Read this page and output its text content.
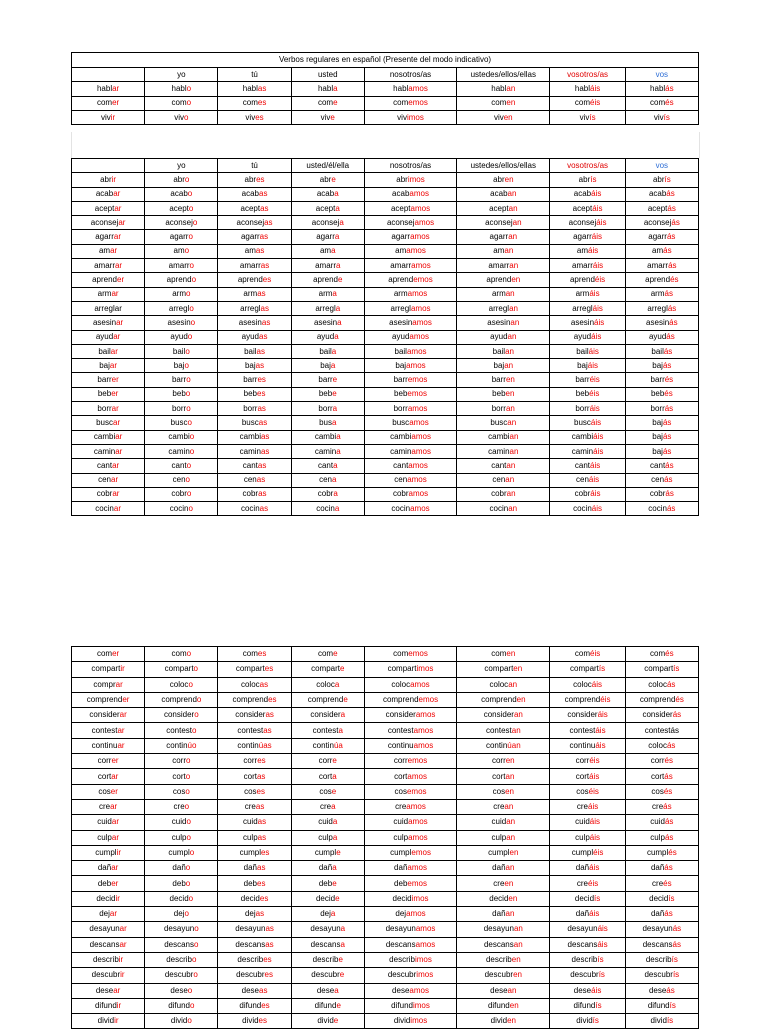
Verbos regulares en español (Presente del modo indicativo)							
	yo	tú	usted	nosotros/as	ustedes/ellos/ellas	vosotros/as	vos
hablar	hablo	hablas	habla	hablamos	hablan	habláis	hablás
comer	como	comes	come	comemos	comen	coméis	comés
vivir	vivo	vives	vive	vivimos	viven	vivís	vivís
	yo	tú	usted/él/ella	nosotros/as	ustedes/ellos/ellas	vosotros/as	vos
abrir	abro	abres	abre	abrimos	abren	abrís	abrís
acabar	acabo	acabas	acaba	acabamos	acaban	acabáis	acabás
aceptar	acepto	aceptas	acepta	aceptamos	aceptan	aceptáis	aceptás
aconsejar	aconsejo	aconsejas	aconseja	aconsejamos	aconsejan	aconsejáis	aconsejás
agarrar	agarro	agarras	agarra	agarramos	agarran	agarráis	agarrás
amar	amo	amas	ama	amamos	aman	amáis	amás
amarrar	amarro	amarras	amarra	amarramos	amarran	amarráis	amarrás
aprender	aprendo	aprendes	aprende	aprendemos	aprenden	aprendéis	aprendés
armar	armo	armas	arma	armamos	arman	armáis	armás
arreglar	arreglo	arreglas	arregla	arreglamos	arreglan	arregláis	arreglás
asesinar	asesino	asesinas	asesina	asesinamos	asesinan	asesináis	asesinás
ayudar	ayudo	ayudas	ayuda	ayudamos	ayudan	ayudáis	ayudás
bailar	bailo	bailas	baila	bailamos	bailan	bailáis	bailás
bajar	bajo	bajas	baja	bajamos	bajan	bajáis	bajás
barrer	barro	barres	barre	barremos	barren	barréis	barrés
beber	bebo	bebes	bebe	bebemos	beben	bebéis	bebés
borrar	borro	borras	borra	borramos	borran	borráis	borrás
buscar	busco	buscas	busa	buscamos	buscan	buscáis	bajás
cambiar	cambio	cambias	cambia	cambiamos	cambian	cambiáis	bajás
caminar	camino	caminas	camina	caminamos	caminan	camináis	bajás
cantar	canto	cantas	canta	cantamos	cantan	cantáis	cantás
cenar	ceno	cenas	cena	cenamos	cenan	cenáis	cenás
cobrar	cobro	cobras	cobra	cobramos	cobran	cobráis	cobrás
cocinar	cocino	cocinas	cocina	cocinamos	cocinan	cocináis	cocinás
comer	como	comes	come	comemos	comen	coméis	comés
compartir	comparto	compartes	comparte	compartimos	comparten	compartís	compartís
comprar	coloco	colocas	coloca	colocamos	colocan	colocáis	colocás
comprender	comprendo	comprendes	comprende	comprendemos	comprenden	comprendéis	comprendés
considerar	considero	consideras	considera	consideramos	consideran	consideráis	considerás
contestar	contesto	contestas	contesta	contestamos	contestan	contestáis	contestás
continuar	continúo	continúas	continúa	continuamos	continúan	continuáis	colocás
correr	corro	corres	corre	corremos	corren	corréis	corrés
cortar	corto	cortas	corta	cortamos	cortan	cortáis	cortás
coser	coso	coses	cose	cosemos	cosen	coséis	cosés
crear	creo	creas	crea	creamos	crean	creáis	creás
cuidar	cuido	cuidas	cuida	cuidamos	cuidan	cuidáis	cuidás
culpar	culpo	culpas	culpa	culpamos	culpan	culpáis	culpás
cumplir	cumplo	cumples	cumple	cumplemos	cumplen	cumpléis	cumplés
dañar	daño	dañas	daña	dañamos	dañan	dañáis	dañás
deber	debo	debes	debe	debemos	creen	creéis	creés
decidir	decido	decides	decide	decidimos	deciden	decidís	decidís
dejar	dejo	dejas	deja	dejamos	dañan	dañáis	dañás
desayunar	desayuno	desayunas	desayuna	desayunamos	desayunan	desayunáis	desayunás
descansar	descanso	descansas	descansa	descansamos	descansan	descansáis	descansás
describir	describo	describes	describe	describimos	describen	describís	describís
descubrir	descubro	descubres	descubre	descubrimos	descubren	descubrís	descubrís
desear	deseo	deseas	desea	deseamos	desean	deseáis	deseás
difundir	difundo	difundes	difunde	difundimos	difunden	difundís	difundís
dividir	divido	divides	divide	dividimos	dividen	dividís	dividís
